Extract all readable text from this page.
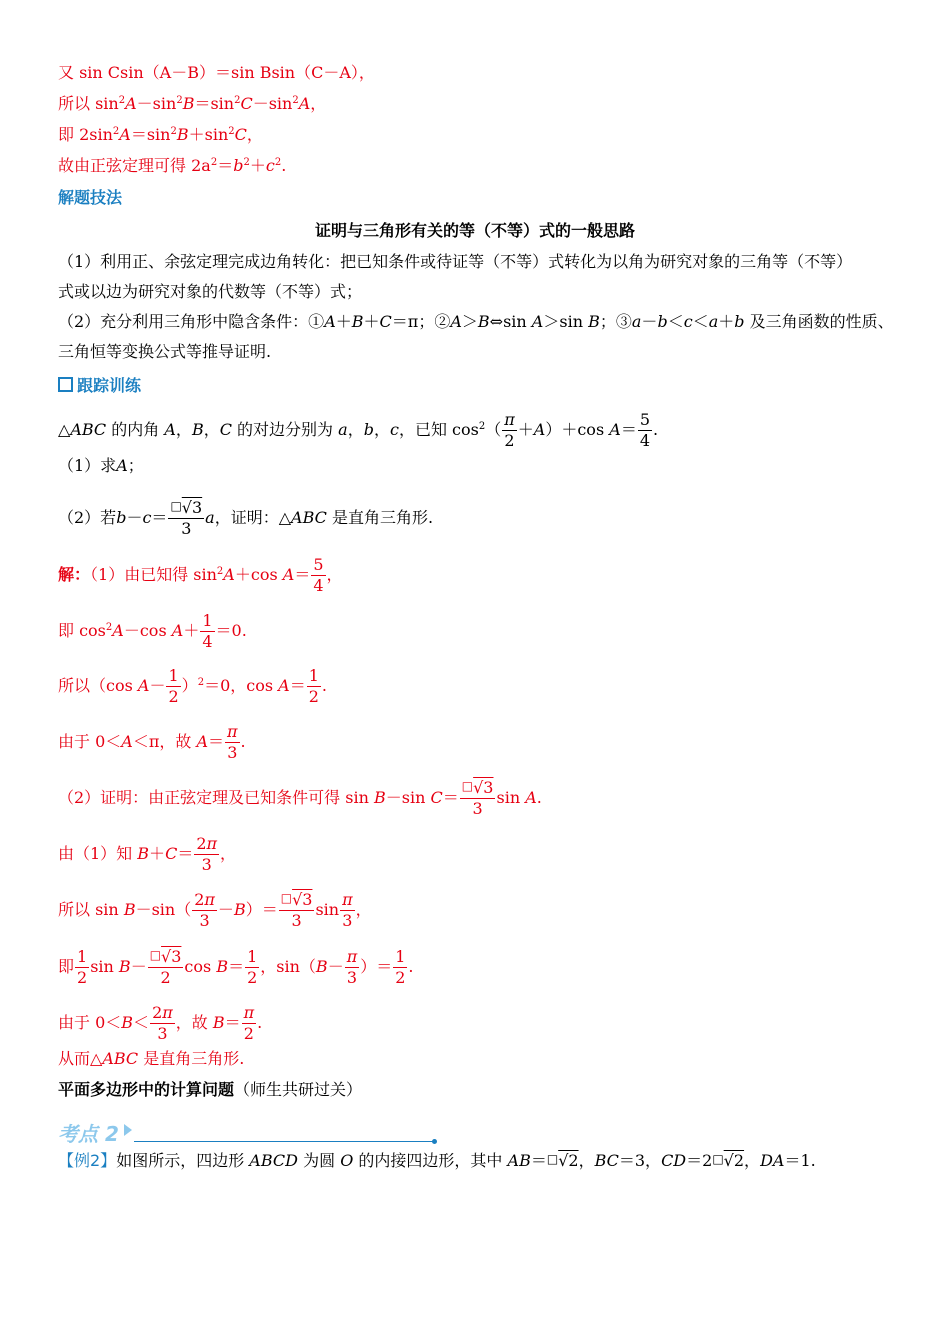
又 sin Csin（A－B）＝sin Bsin（C－A），
所以 $\sin^2A-\sin^2B=\sin^2C-\sin^2A$，
即 $2\sin^2A=\sin^2B+\sin^2C$，
故由正弦定理可得 $2a^2=b^2+c^2$.
解题技法
证明与三角形有关的等（不等）式的一般思路
（1）利用正、余弦定理完成边角转化：把已知条件或待证等（不等）式转化为以角为研究对象的三角等（不等）
式或以边为研究对象的代数等（不等）式；
（2）充分利用三角形中隐含条件：①A＋B＋C＝π；②A＞B⇔sin A＞sin B；③a－b＜c＜a＋b 及三角函数的性质、
三角恒等变换公式等推导证明.
跟踪训练
△ABC 的内角 A，B，C 的对边分别为 a，b，c，已知 $\cos^2( \frac{\pi}{2} +A)+\cos$ $A= \frac{5}{4}$ .
（1）求A；
（2）若$b-c= \frac{□√3}{3}$ a，证明：△ABC 是直角三角形.
解：（1）由已知得 $\sin^2A+\cos$ $A= \frac{5}{4}$ ，
即 $\cos^2A-\cos$ $A+ \frac{1}{4} =0$.
所以（cos $A- \frac{1}{2} )^2=0$，$\cos A= \frac{1}{2}$ .
由于 0＜A＜π，故 $A= \frac{\pi}{3}$ .
（2）证明：由正弦定理及已知条件可得 sin B－sin $C= \frac{□√3}{3}$ sin A.
由（1）知 $B+C= \frac{2\pi}{3}$ ，
所以 $\sin B-\sin( \frac{2\pi}{3} -B)= \frac{□√3}{3}$ $\sin \frac{\pi}{3}$ ，
即 $\frac{1}{2}$ $\sin B- \frac{□√3}{2}$ $\cos B= \frac{1}{2}$ ，$\sin(B- \frac{\pi}{3}$ ）＝ $\frac{1}{2}$ .
由于 $0<B< \frac{2\pi}{3}$ ，故 $B= \frac{\pi}{2}$ .
从而△ABC 是直角三角形.
平面多边形中的计算问题（师生共研过关）
考点 2
【例2】如图所示，四边形 ABCD 为圆 O 的内接四边形，其中 AB＝□√2，BC＝3，CD＝2□√2，DA＝1.
